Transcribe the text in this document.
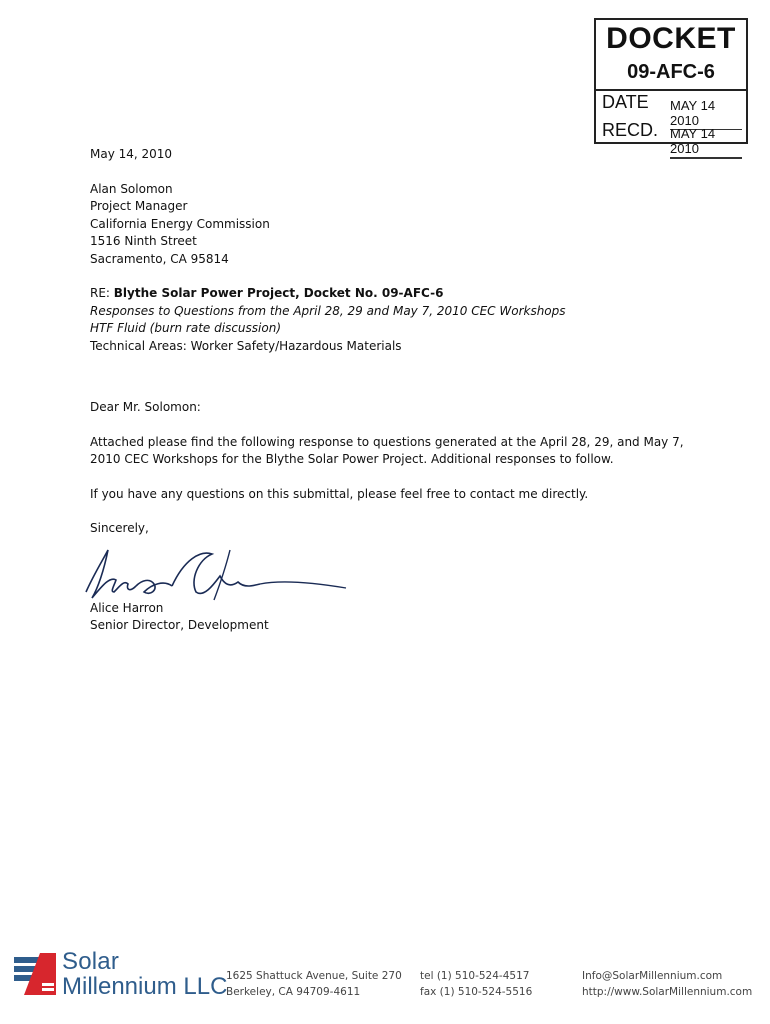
DOCKET
09-AFC-6
DATE MAY 14 2010
RECD. MAY 14 2010

May 14, 2010

Alan Solomon

Project Manager

California Energy Commission

1516 Ninth Street

Sacramento, CA 95814

RE: Blythe Solar Power Project, Docket No. 09-AFC-6

Responses to Questions from the April 28, 29 and May 7, 2010 CEC Workshops

HTF Fluid (burn rate discussion)

Technical Areas: Worker Safety/Hazardous Materials

Dear Mr. Solomon:

Attached please find the following response to questions generated at the April 28, 29, and May 7, 2010 CEC Workshops for the Blythe Solar Power Project. Additional responses to follow.

If you have any questions on this submittal, please feel free to contact me directly.

Sincerely,

Alice Harron

Senior Director, Development

Solar
Millennium LLC
1625 Shattuck Avenue, Suite 270
Berkeley, CA 94709-4611
tel (1) 510-524-4517
fax (1) 510-524-5516
Info@SolarMillennium.com
http://www.SolarMillennium.com
